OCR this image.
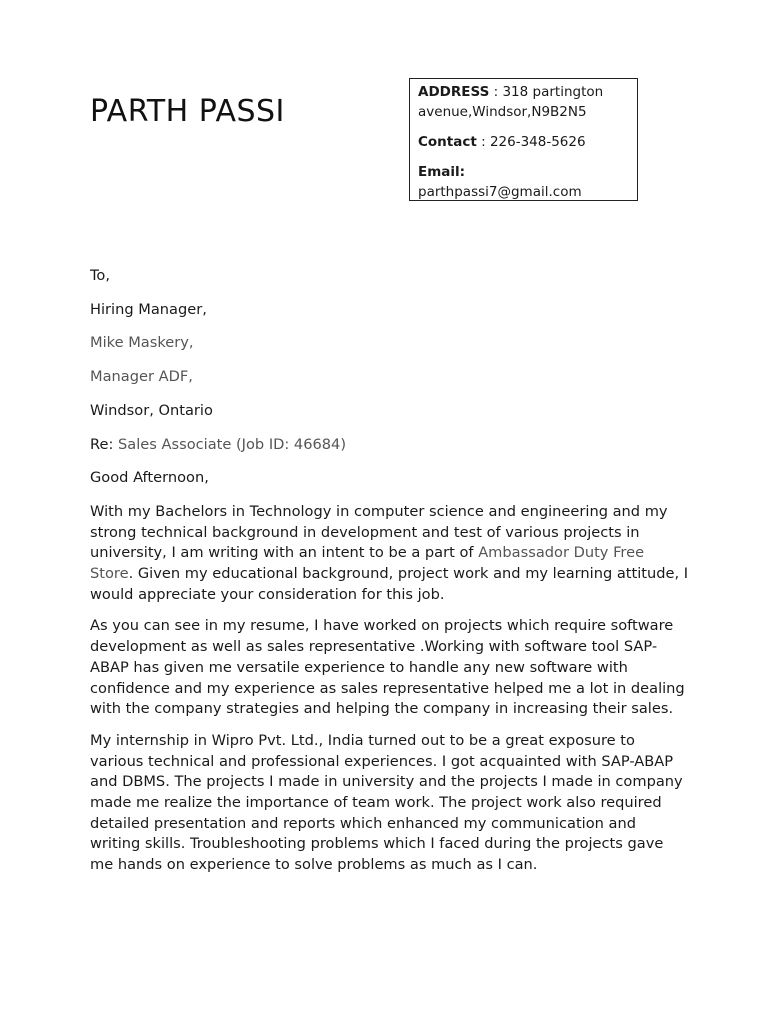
PARTH PASSI

ADDRESS : 318 partington avenue,Windsor,N9B2N5

Contact : 226-348-5626

Email:
parthpassi7@gmail.com

To,
Hiring Manager,
Mike Maskery,
Manager ADF,
Windsor, Ontario
Re: Sales Associate (Job ID: 46684)
Good Afternoon,

With my Bachelors in Technology in computer science and engineering and my strong technical background in development and test of various projects in university, I am writing with an intent to be a part of Ambassador Duty Free Store. Given my educational background, project work and my learning attitude, I would appreciate your consideration for this job.

As you can see in my resume, I have worked on projects which require software development as well as sales representative .Working with software tool SAP-ABAP has given me versatile experience to handle any new software with confidence and my experience as sales representative helped me a lot in dealing with the company strategies and helping the company in increasing their sales.

My internship in Wipro Pvt. Ltd., India turned out to be a great exposure to various technical and professional experiences. I got acquainted with SAP-ABAP and DBMS. The projects I made in university and the projects I made in company made me realize the importance of team work. The project work also required detailed presentation and reports which enhanced my communication and writing skills. Troubleshooting problems which I faced during the projects gave me hands on experience to solve problems as much as I can.
